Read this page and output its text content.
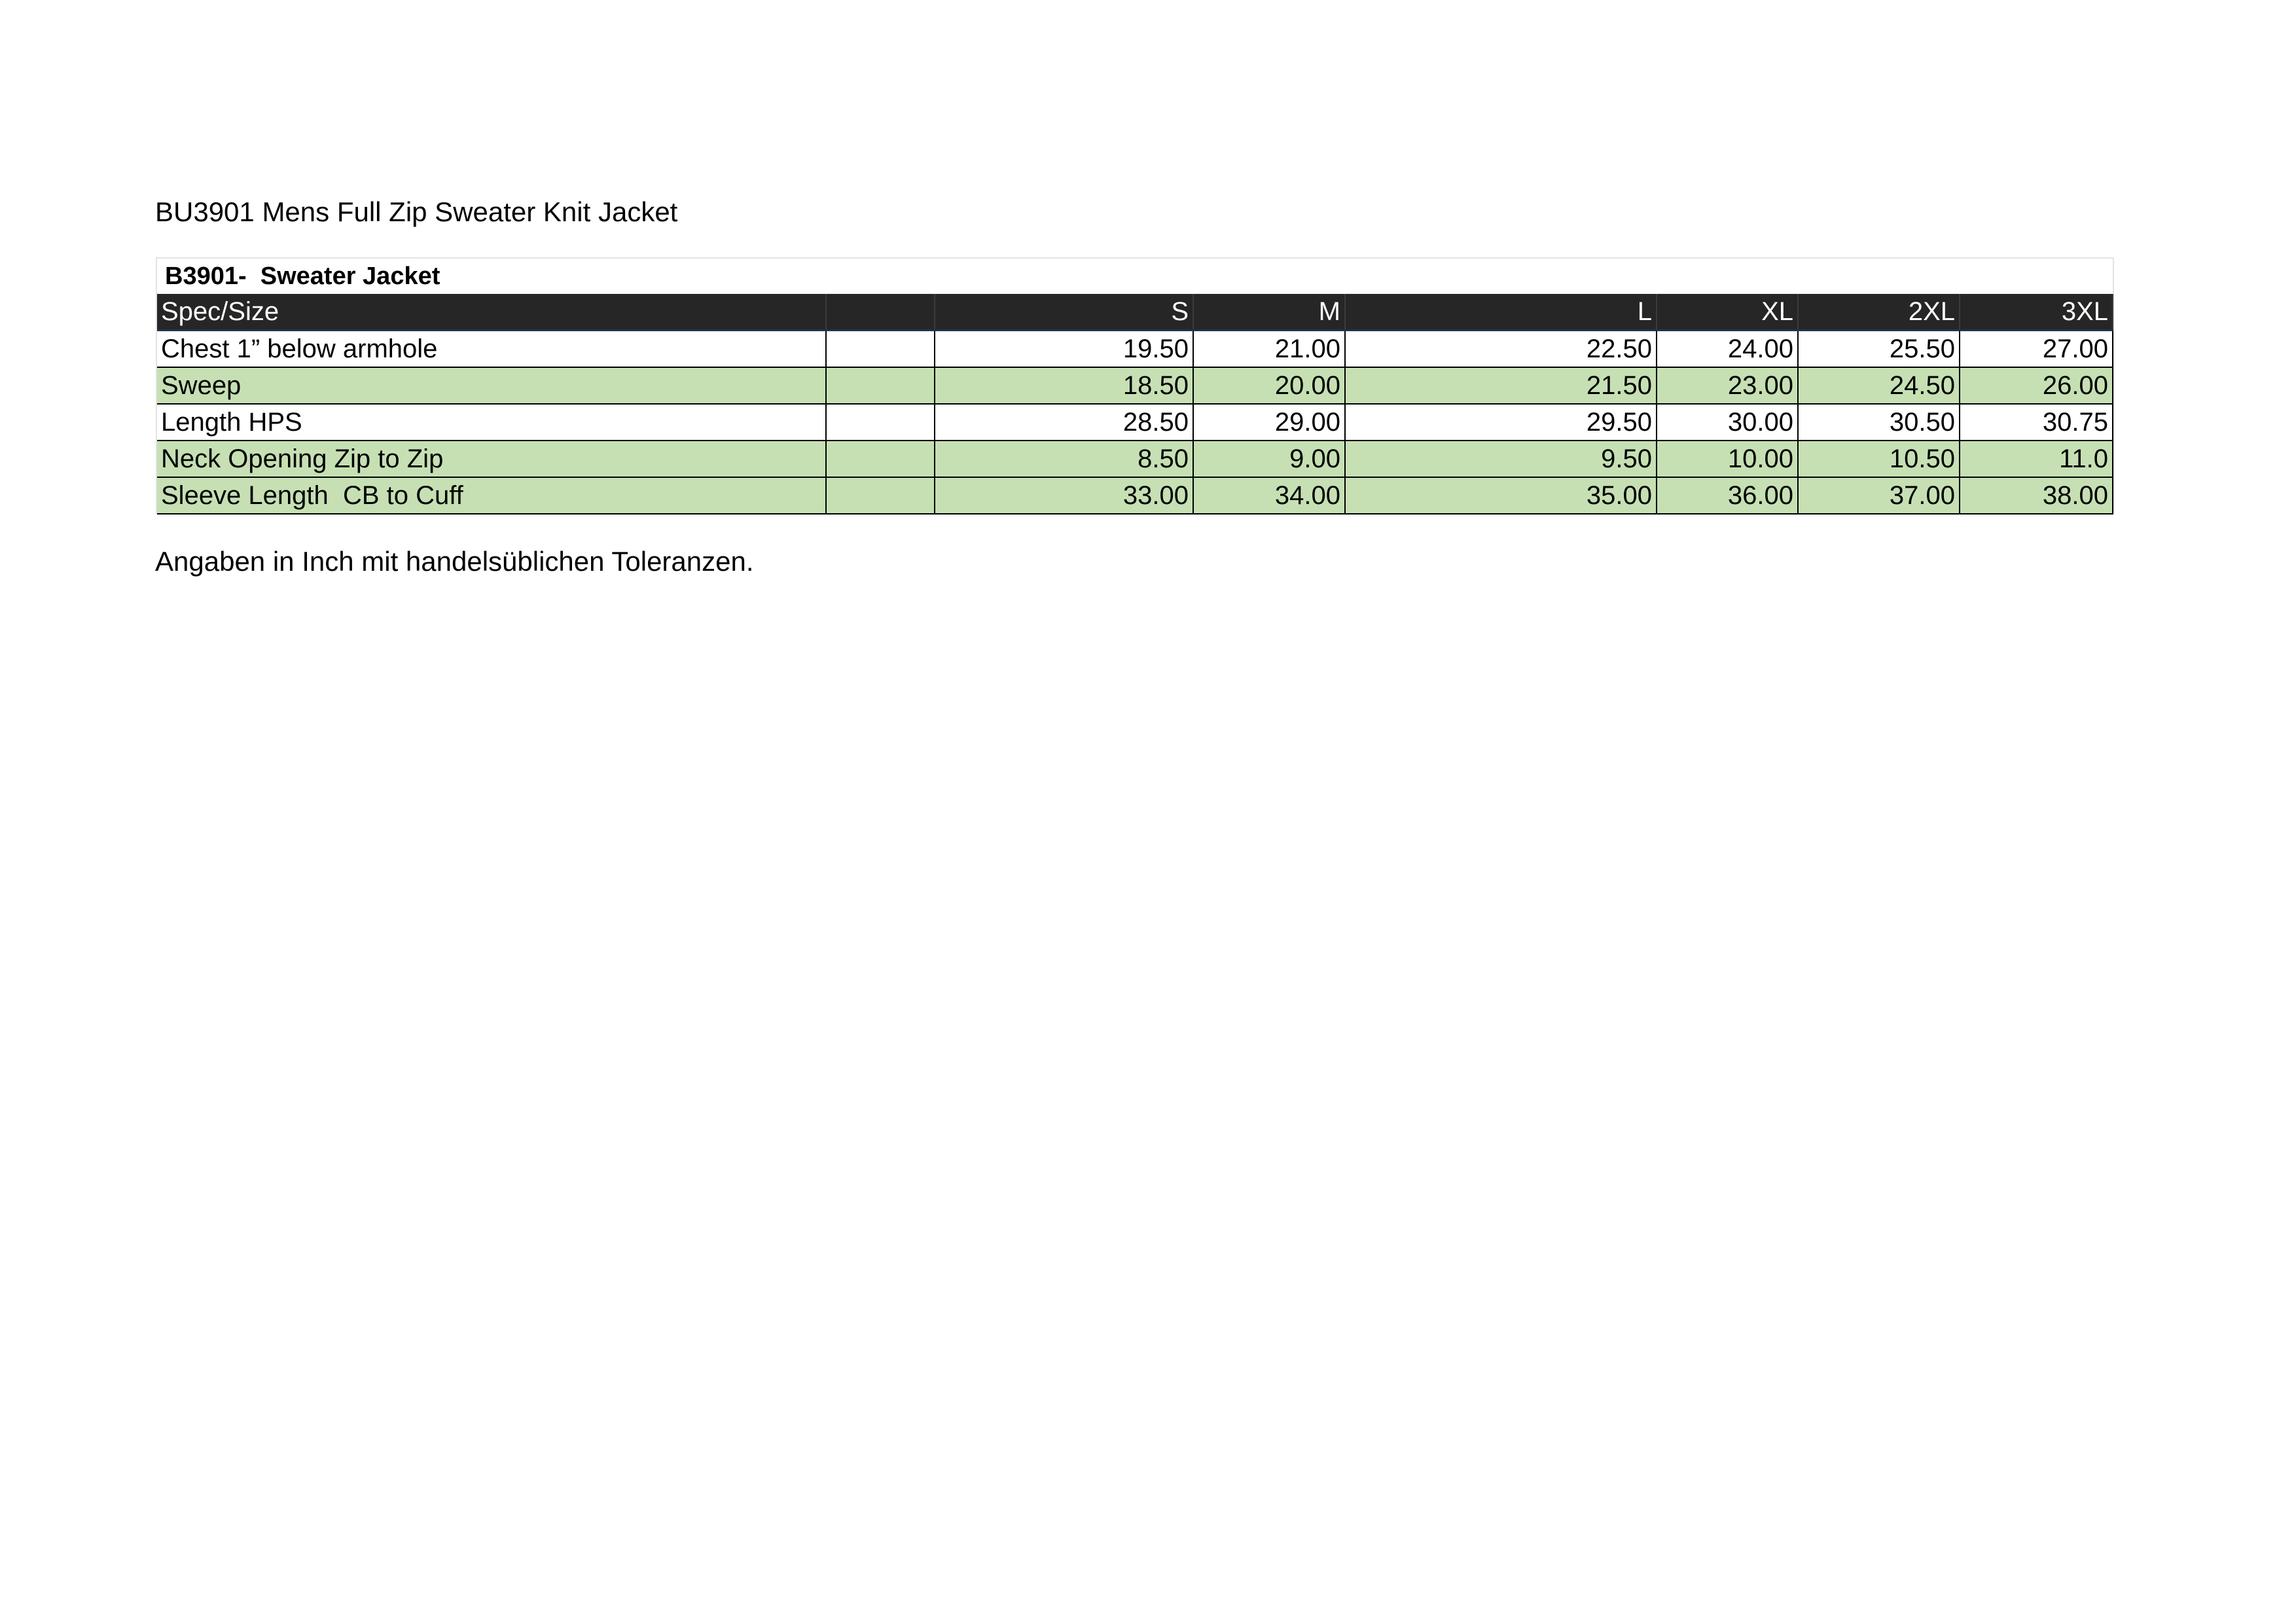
BU3901 Mens Full Zip Sweater Knit Jacket
B3901-  Sweater Jacket
Spec/Size		S	M	L	XL	2XL	3XL
Chest 1” below armhole		19.50	21.00	22.50	24.00	25.50	27.00
Sweep		18.50	20.00	21.50	23.00	24.50	26.00
Length HPS		28.50	29.00	29.50	30.00	30.50	30.75
Neck Opening Zip to Zip		8.50	9.00	9.50	10.00	10.50	11.0
Sleeve Length  CB to Cuff		33.00	34.00	35.00	36.00	37.00	38.00
Angaben in Inch mit handelsüblichen Toleranzen.
